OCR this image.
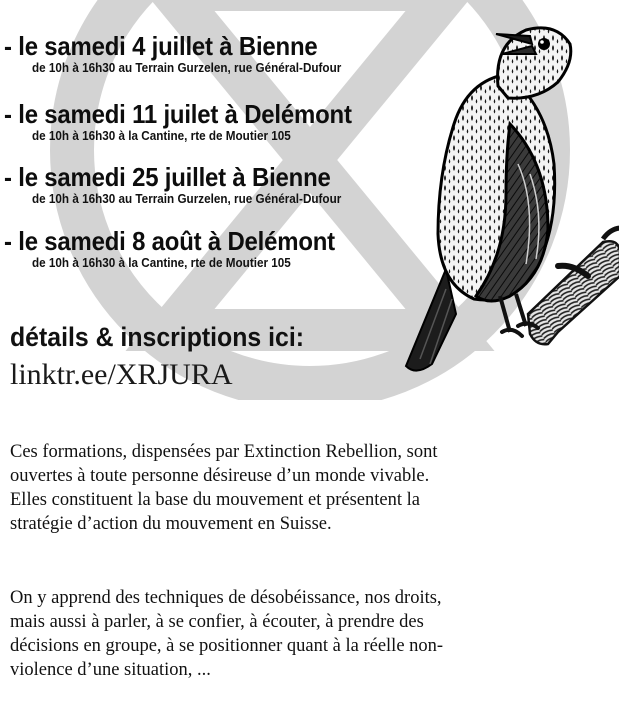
- le samedi 4 juillet à Bienne
de 10h à 16h30 au Terrain Gurzelen, rue Général-Dufour
- le samedi 11 juilet à Delémont
de 10h à 16h30 à la Cantine, rte de Moutier 105
- le samedi 25 juillet à Bienne
de 10h à 16h30 au Terrain Gurzelen, rue Général-Dufour
- le samedi 8 août à Delémont
de 10h à 16h30 à la Cantine, rte de Moutier 105
détails & inscriptions ici:
linktr.ee/XRJURA

Ces formations, dispensées par Extinction Rebellion, sont
ouvertes à toute personne désireuse d’un monde vivable.
Elles constituent la base du mouvement et présentent la
stratégie d’action du mouvement en Suisse.

On y apprend des techniques de désobéissance, nos droits,
mais aussi à parler, à se confier, à écouter, à prendre des
décisions en groupe, à se positionner quant à la réelle non-
violence d’une situation, ...
